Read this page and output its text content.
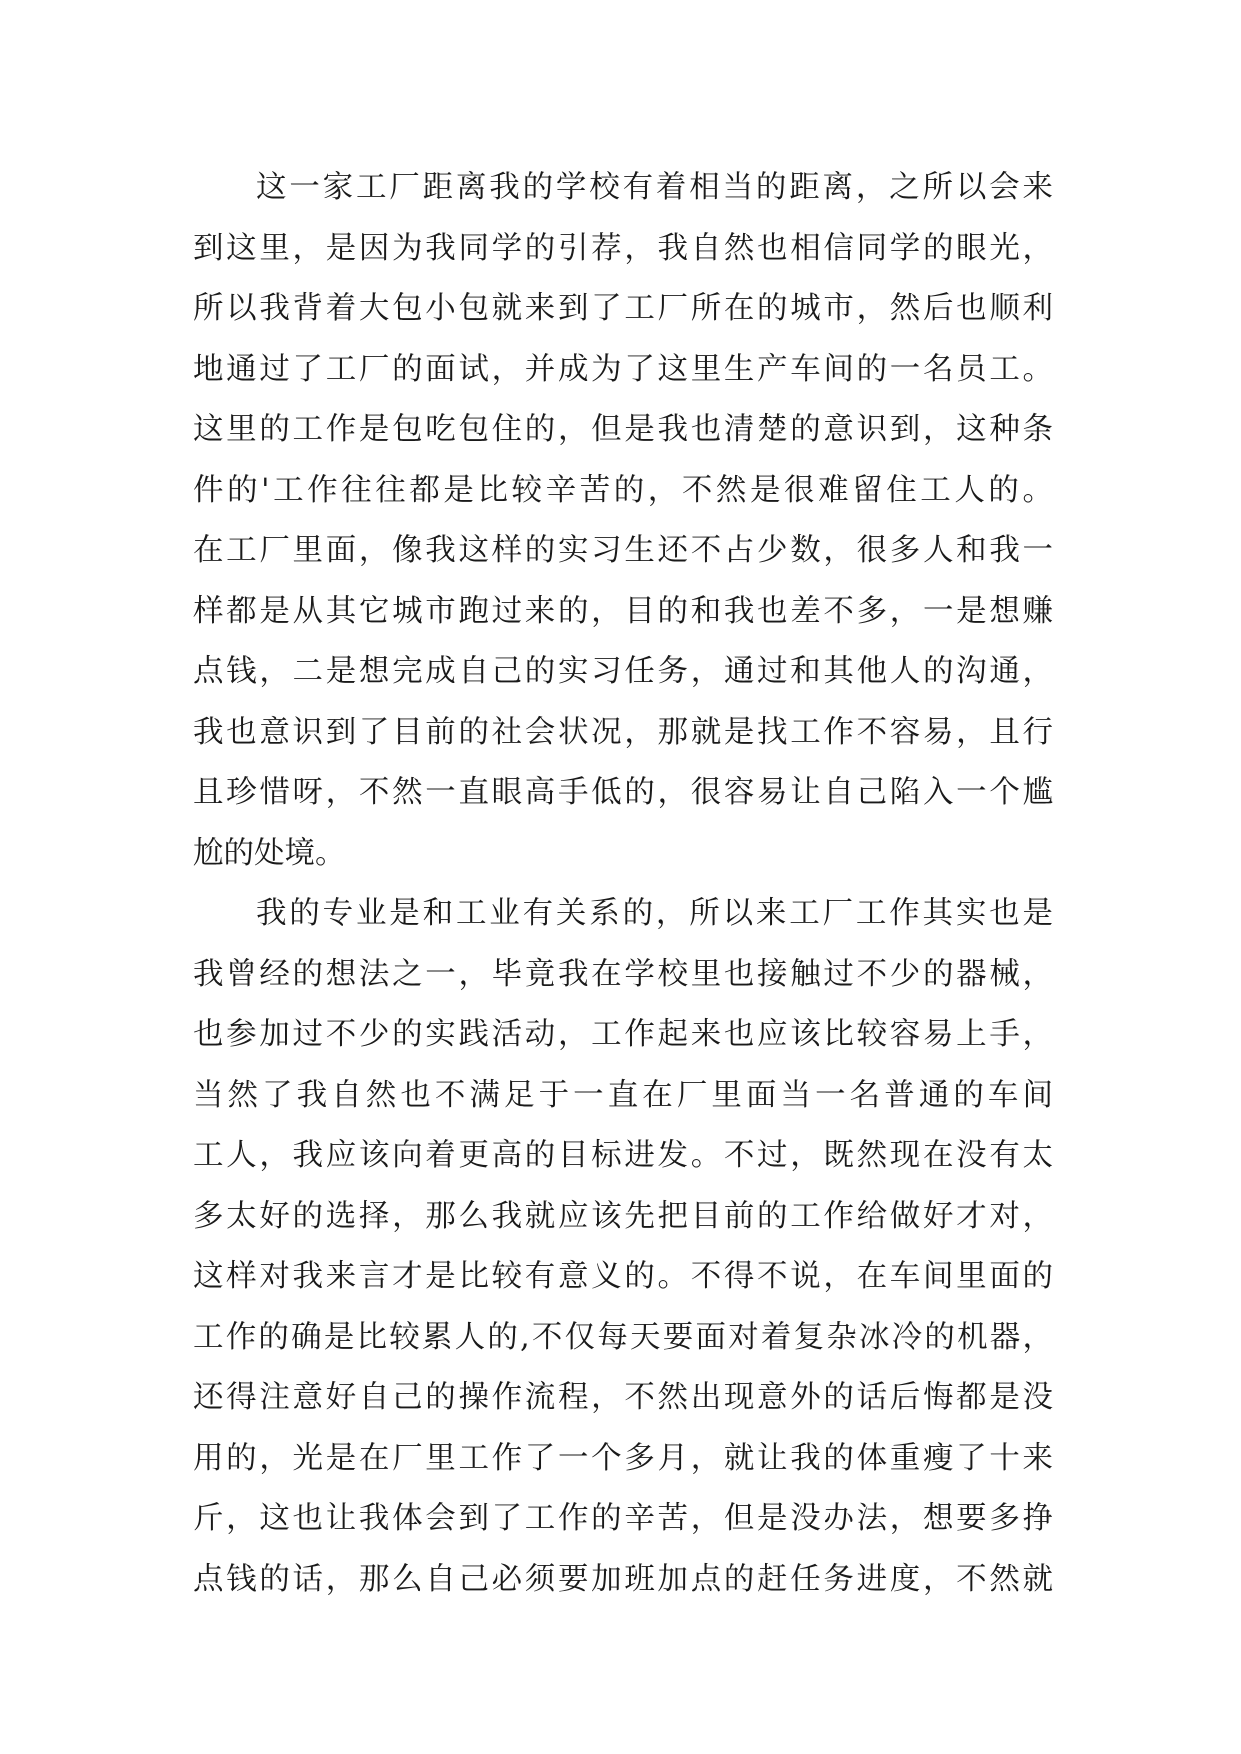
这一家工厂距离我的学校有着相当的距离，之所以会来
到这里，是因为我同学的引荐，我自然也相信同学的眼光，
所以我背着大包小包就来到了工厂所在的城市，然后也顺利
地通过了工厂的面试，并成为了这里生产车间的一名员工。
这里的工作是包吃包住的，但是我也清楚的意识到，这种条
件的'工作往往都是比较辛苦的，不然是很难留住工人的。
在工厂里面，像我这样的实习生还不占少数，很多人和我一
样都是从其它城市跑过来的，目的和我也差不多，一是想赚
点钱，二是想完成自己的实习任务，通过和其他人的沟通，
我也意识到了目前的社会状况，那就是找工作不容易，且行
且珍惜呀，不然一直眼高手低的，很容易让自己陷入一个尴
尬的处境。
我的专业是和工业有关系的，所以来工厂工作其实也是
我曾经的想法之一，毕竟我在学校里也接触过不少的器械，
也参加过不少的实践活动，工作起来也应该比较容易上手，
当然了我自然也不满足于一直在厂里面当一名普通的车间
工人，我应该向着更高的目标进发。不过，既然现在没有太
多太好的选择，那么我就应该先把目前的工作给做好才对，
这样对我来言才是比较有意义的。不得不说，在车间里面的
工作的确是比较累人的,不仅每天要面对着复杂冰冷的机器，
还得注意好自己的操作流程，不然出现意外的话后悔都是没
用的，光是在厂里工作了一个多月，就让我的体重瘦了十来
斤，这也让我体会到了工作的辛苦，但是没办法，想要多挣
点钱的话，那么自己必须要加班加点的赶任务进度，不然就
